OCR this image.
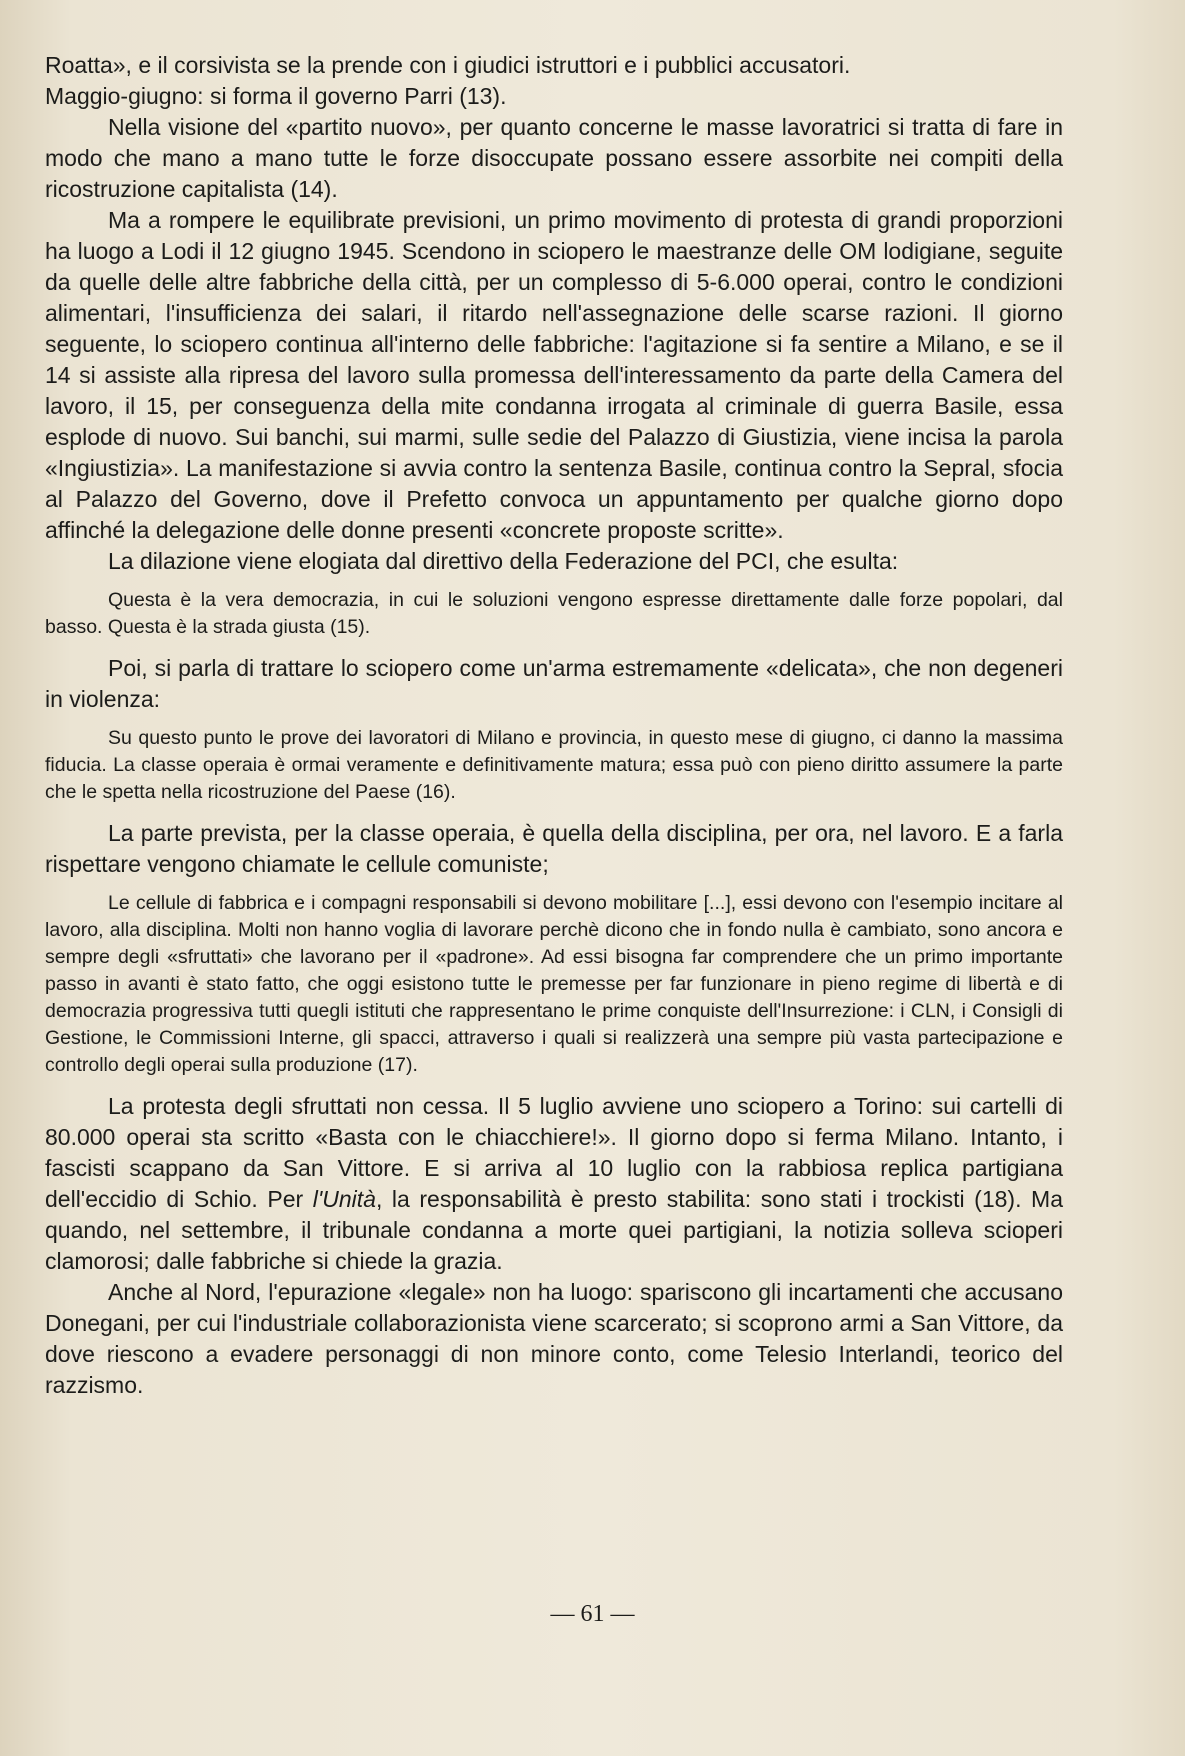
Roatta», e il corsivista se la prende con i giudici istruttori e i pubblici accusatori.

Maggio-giugno: si forma il governo Parri (13).

Nella visione del «partito nuovo», per quanto concerne le masse lavoratrici si tratta di fare in modo che mano a mano tutte le forze disoccupate possano essere assorbite nei compiti della ricostruzione capitalista (14).

Ma a rompere le equilibrate previsioni, un primo movimento di protesta di grandi proporzioni ha luogo a Lodi il 12 giugno 1945. Scendono in sciopero le maestranze delle OM lodigiane, seguite da quelle delle altre fabbriche della città, per un complesso di 5-6.000 operai, contro le condizioni alimentari, l'insufficienza dei salari, il ritardo nell'assegnazione delle scarse razioni. Il giorno seguente, lo sciopero continua all'interno delle fabbriche: l'agitazione si fa sentire a Milano, e se il 14 si assiste alla ripresa del lavoro sulla promessa dell'interessamento da parte della Camera del lavoro, il 15, per conseguenza della mite condanna irrogata al criminale di guerra Basile, essa esplode di nuovo. Sui banchi, sui marmi, sulle sedie del Palazzo di Giustizia, viene incisa la parola «Ingiustizia». La manifestazione si avvia contro la sentenza Basile, continua contro la Sepral, sfocia al Palazzo del Governo, dove il Prefetto convoca un appuntamento per qualche giorno dopo affinché la delegazione delle donne presenti «concrete proposte scritte».

La dilazione viene elogiata dal direttivo della Federazione del PCI, che esulta:

Questa è la vera democrazia, in cui le soluzioni vengono espresse direttamente dalle forze popolari, dal basso. Questa è la strada giusta (15).

Poi, si parla di trattare lo sciopero come un'arma estremamente «delicata», che non degeneri in violenza:

Su questo punto le prove dei lavoratori di Milano e provincia, in questo mese di giugno, ci danno la massima fiducia. La classe operaia è ormai veramente e definitivamente matura; essa può con pieno diritto assumere la parte che le spetta nella ricostruzione del Paese (16).

La parte prevista, per la classe operaia, è quella della disciplina, per ora, nel lavoro. E a farla rispettare vengono chiamate le cellule comuniste;

Le cellule di fabbrica e i compagni responsabili si devono mobilitare [...], essi devono con l'esempio incitare al lavoro, alla disciplina. Molti non hanno voglia di lavorare perchè dicono che in fondo nulla è cambiato, sono ancora e sempre degli «sfruttati» che lavorano per il «padrone». Ad essi bisogna far comprendere che un primo importante passo in avanti è stato fatto, che oggi esistono tutte le premesse per far funzionare in pieno regime di libertà e di democrazia progressiva tutti quegli istituti che rappresentano le prime conquiste dell'Insurrezione: i CLN, i Consigli di Gestione, le Commissioni Interne, gli spacci, attraverso i quali si realizzerà una sempre più vasta partecipazione e controllo degli operai sulla produzione (17).

La protesta degli sfruttati non cessa. Il 5 luglio avviene uno sciopero a Torino: sui cartelli di 80.000 operai sta scritto «Basta con le chiacchiere!». Il giorno dopo si ferma Milano. Intanto, i fascisti scappano da San Vittore. E si arriva al 10 luglio con la rabbiosa replica partigiana dell'eccidio di Schio. Per l'Unità, la responsabilità è presto stabilita: sono stati i trockisti (18). Ma quando, nel settembre, il tribunale condanna a morte quei partigiani, la notizia solleva scioperi clamorosi; dalle fabbriche si chiede la grazia.

Anche al Nord, l'epurazione «legale» non ha luogo: spariscono gli incartamenti che accusano Donegani, per cui l'industriale collaborazionista viene scarcerato; si scoprono armi a San Vittore, da dove riescono a evadere personaggi di non minore conto, come Telesio Interlandi, teorico del razzismo.

— 61 —
